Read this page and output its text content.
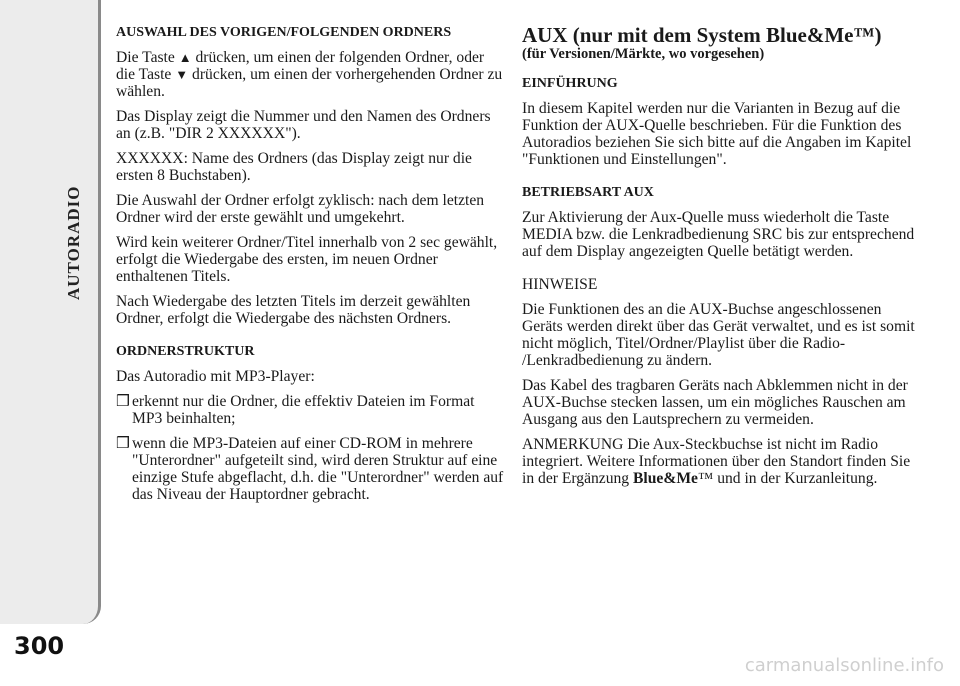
AUTORADIO
300

AUSWAHL DES VORIGEN/FOLGENDEN ORDNERS

Die Taste ▲ drücken, um einen der folgenden Ordner, oder die Taste ▼ drücken, um einen der vorhergehenden Ordner zu wählen.

Das Display zeigt die Nummer und den Namen des Ordners an (z.B. "DIR 2 XXXXXX").

XXXXXX: Name des Ordners (das Display zeigt nur die ersten 8 Buchstaben).

Die Auswahl der Ordner erfolgt zyklisch: nach dem letzten Ordner wird der erste gewählt und umgekehrt.

Wird kein weiterer Ordner/Titel innerhalb von 2 sec gewählt, erfolgt die Wiedergabe des ersten, im neuen Ordner enthaltenen Titels.

Nach Wiedergabe des letzten Titels im derzeit gewählten Ordner, erfolgt die Wiedergabe des nächsten Ordners.

ORDNERSTRUKTUR

Das Autoradio mit MP3-Player:

❒ erkennt nur die Ordner, die effektiv Dateien im Format MP3 beinhalten;
❒ wenn die MP3-Dateien auf einer CD-ROM in mehrere "Unterordner" aufgeteilt sind, wird deren Struktur auf eine einzige Stufe abgeflacht, d.h. die "Unterordner" werden auf das Niveau der Hauptordner gebracht.

AUX (nur mit dem System Blue&Me™)

(für Versionen/Märkte, wo vorgesehen)

EINFÜHRUNG

In diesem Kapitel werden nur die Varianten in Bezug auf die Funktion der AUX-Quelle beschrieben. Für die Funktion des Autoradios beziehen Sie sich bitte auf die Angaben im Kapitel "Funktionen und Einstellungen".

BETRIEBSART AUX

Zur Aktivierung der Aux-Quelle muss wiederholt die Taste MEDIA bzw. die Lenkradbedienung SRC bis zur entsprechend auf dem Display angezeigten Quelle betätigt werden.

HINWEISE

Die Funktionen des an die AUX-Buchse angeschlossenen Geräts werden direkt über das Gerät verwaltet, und es ist somit nicht möglich, Titel/Ordner/Playlist über die Radio- /Lenkradbedienung zu ändern.

Das Kabel des tragbaren Geräts nach Abklemmen nicht in der AUX-Buchse stecken lassen, um ein mögliches Rauschen am Ausgang aus den Lautsprechern zu vermeiden.

ANMERKUNG Die Aux-Steckbuchse ist nicht im Radio integriert. Weitere Informationen über den Standort finden Sie in der Ergänzung Blue&Me™ und in der Kurzanleitung.

carmanualsonline.info
